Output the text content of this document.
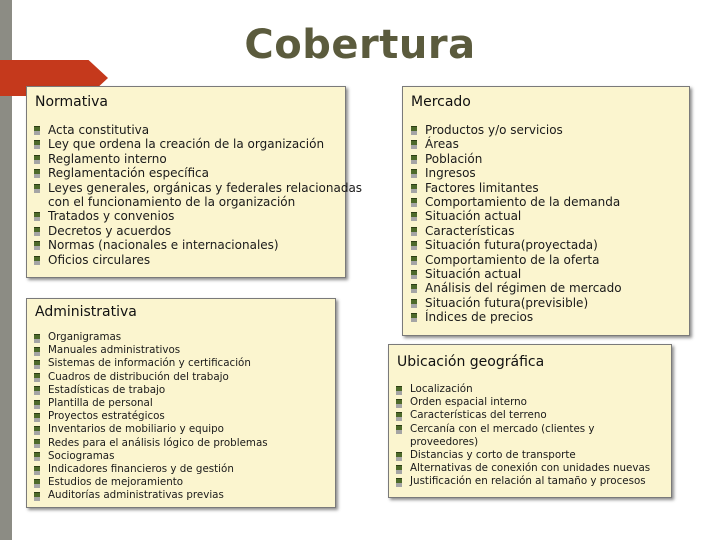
Cobertura
Normativa
Acta constitutiva
Ley que ordena la creación de la organización
Reglamento interno
Reglamentación específica
Leyes generales, orgánicas y federales relacionadas
con el funcionamiento de la organización
Tratados y convenios
Decretos y acuerdos
Normas (nacionales e internacionales)
Oficios circulares
Mercado
Productos y/o servicios
Áreas
Población
Ingresos
Factores limitantes
Comportamiento de la demanda
Situación actual
Características
Situación futura(proyectada)
Comportamiento de la oferta
Situación actual
Análisis del régimen de mercado
Situación futura(previsible)
Índices de precios
Administrativa
Organigramas
Manuales administrativos
Sistemas de información y certificación
Cuadros de distribución del trabajo
Estadísticas de trabajo
Plantilla de personal
Proyectos estratégicos
Inventarios de mobiliario y equipo
Redes para el análisis lógico de problemas
Sociogramas
Indicadores financieros y de gestión
Estudios de mejoramiento
Auditorías administrativas previas
Ubicación geográfica
Localización
Orden espacial interno
Características del terreno
Cercanía con el mercado (clientes y
proveedores)
Distancias y corto de transporte
Alternativas de conexión con unidades nuevas
Justificación en relación al tamaño y procesos
